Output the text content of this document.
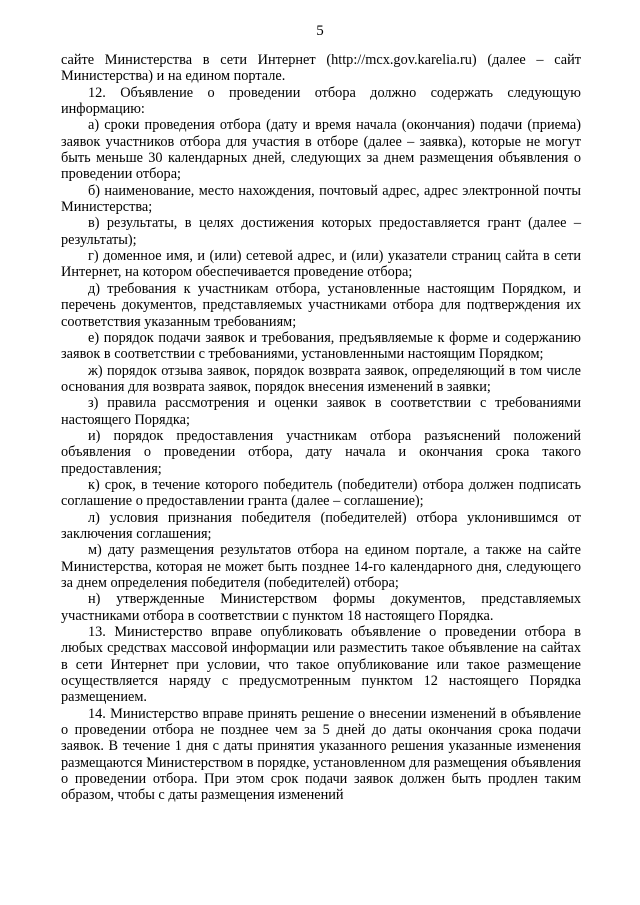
5

сайте Министерства в сети Интернет (http://mcx.gov.karelia.ru) (далее – сайт Министерства) и на едином портале.

12. Объявление о проведении отбора должно содержать следующую информацию:

а) сроки проведения отбора (дату и время начала (окончания) подачи (приема) заявок участников отбора для участия в отборе (далее – заявка), которые не могут быть меньше 30 календарных дней, следующих за днем размещения объявления о проведении отбора;

б) наименование, место нахождения, почтовый адрес, адрес электронной почты Министерства;

в) результаты, в целях достижения которых предоставляется грант (далее – результаты);

г) доменное имя, и (или) сетевой адрес, и (или) указатели страниц сайта в сети Интернет, на котором обеспечивается проведение отбора;

д) требования к участникам отбора, установленные настоящим Порядком, и перечень документов, представляемых участниками отбора для подтверждения их соответствия указанным требованиям;

е) порядок подачи заявок и требования, предъявляемые к форме и содержанию заявок в соответствии с требованиями, установленными настоящим Порядком;

ж) порядок отзыва заявок, порядок возврата заявок, определяющий в том числе основания для возврата заявок, порядок внесения изменений в заявки;

з) правила рассмотрения и оценки заявок в соответствии с требованиями настоящего Порядка;

и) порядок предоставления участникам отбора разъяснений положений объявления о проведении отбора, дату начала и окончания срока такого предоставления;

к) срок, в течение которого победитель (победители) отбора должен подписать соглашение о предоставлении гранта (далее – соглашение);

л) условия признания победителя (победителей) отбора уклонившимся от заключения соглашения;

м) дату размещения результатов отбора на едином портале, а также на сайте Министерства, которая не может быть позднее 14-го календарного дня, следующего за днем определения победителя (победителей) отбора;

н) утвержденные Министерством формы документов, представляемых участниками отбора в соответствии с пунктом 18 настоящего Порядка.

13. Министерство вправе опубликовать объявление о проведении отбора в любых средствах массовой информации или разместить такое объявление на сайтах в сети Интернет при условии, что такое опубликование или такое размещение осуществляется наряду с предусмотренным пунктом 12 настоящего Порядка размещением.

14. Министерство вправе принять решение о внесении изменений в объявление о проведении отбора не позднее чем за 5 дней до даты окончания срока подачи заявок. В течение 1 дня с даты принятия указанного решения указанные изменения размещаются Министерством в порядке, установленном для размещения объявления о проведении отбора. При этом срок подачи заявок должен быть продлен таким образом, чтобы с даты размещения изменений
